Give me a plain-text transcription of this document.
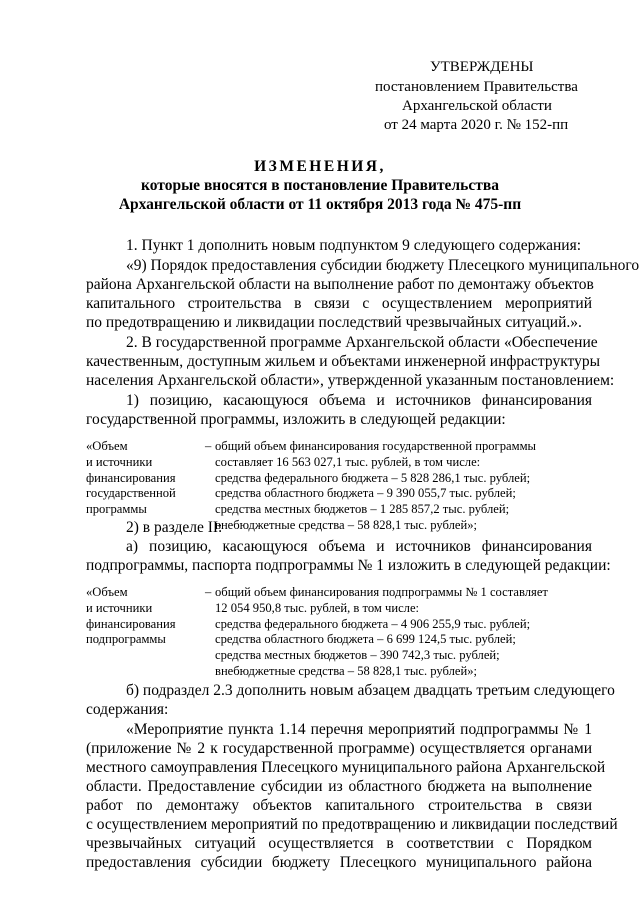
УТВЕРЖДЕНЫ
постановлением Правительства
Архангельской области
от 24 марта 2020 г. № 152-пп
ИЗМЕНЕНИЯ,
которые вносятся в постановление Правительства
Архангельской области от 11 октября 2013 года № 475-пп
1. Пункт 1 дополнить новым подпунктом 9 следующего содержания:
«9) Порядок предоставления субсидии бюджету Плесецкого муниципального
района Архангельской области на выполнение работ по демонтажу объектов
капитального строительства в связи с осуществлением мероприятий
по предотвращению и ликвидации последствий чрезвычайных ситуаций.».
2. В государственной программе Архангельской области «Обеспечение
качественным, доступным жильем и объектами инженерной инфраструктуры
населения Архангельской области», утвержденной указанным постановлением:
1) позицию, касающуюся объема и источников финансирования
государственной программы, изложить в следующей редакции:
«Объем
и источники
финансирования
государственной
программы
– общий объем финансирования государственной программы
составляет 16 563 027,1 тыс. рублей, в том числе:
средства федерального бюджета – 5 828 286,1 тыс. рублей;
средства областного бюджета – 9 390 055,7 тыс. рублей;
средства местных бюджетов – 1 285 857,2 тыс. рублей;
внебюджетные средства – 58 828,1 тыс. рублей»;
2) в разделе II:
а) позицию, касающуюся объема и источников финансирования
подпрограммы, паспорта подпрограммы № 1 изложить в следующей редакции:
«Объем
и источники
финансирования
подпрограммы
– общий объем финансирования подпрограммы № 1 составляет
12 054 950,8 тыс. рублей, в том числе:
средства федерального бюджета – 4 906 255,9 тыс. рублей;
средства областного бюджета – 6 699 124,5 тыс. рублей;
средства местных бюджетов – 390 742,3 тыс. рублей;
внебюджетные средства – 58 828,1 тыс. рублей»;
б) подраздел 2.3 дополнить новым абзацем двадцать третьим следующего
содержания:
«Мероприятие пункта 1.14 перечня мероприятий подпрограммы № 1
(приложение № 2 к государственной программе) осуществляется органами
местного самоуправления Плесецкого муниципального района Архангельской
области. Предоставление субсидии из областного бюджета на выполнение
работ по демонтажу объектов капитального строительства в связи
с осуществлением мероприятий по предотвращению и ликвидации последствий
чрезвычайных ситуаций осуществляется в соответствии с Порядком
предоставления субсидии бюджету Плесецкого муниципального района
